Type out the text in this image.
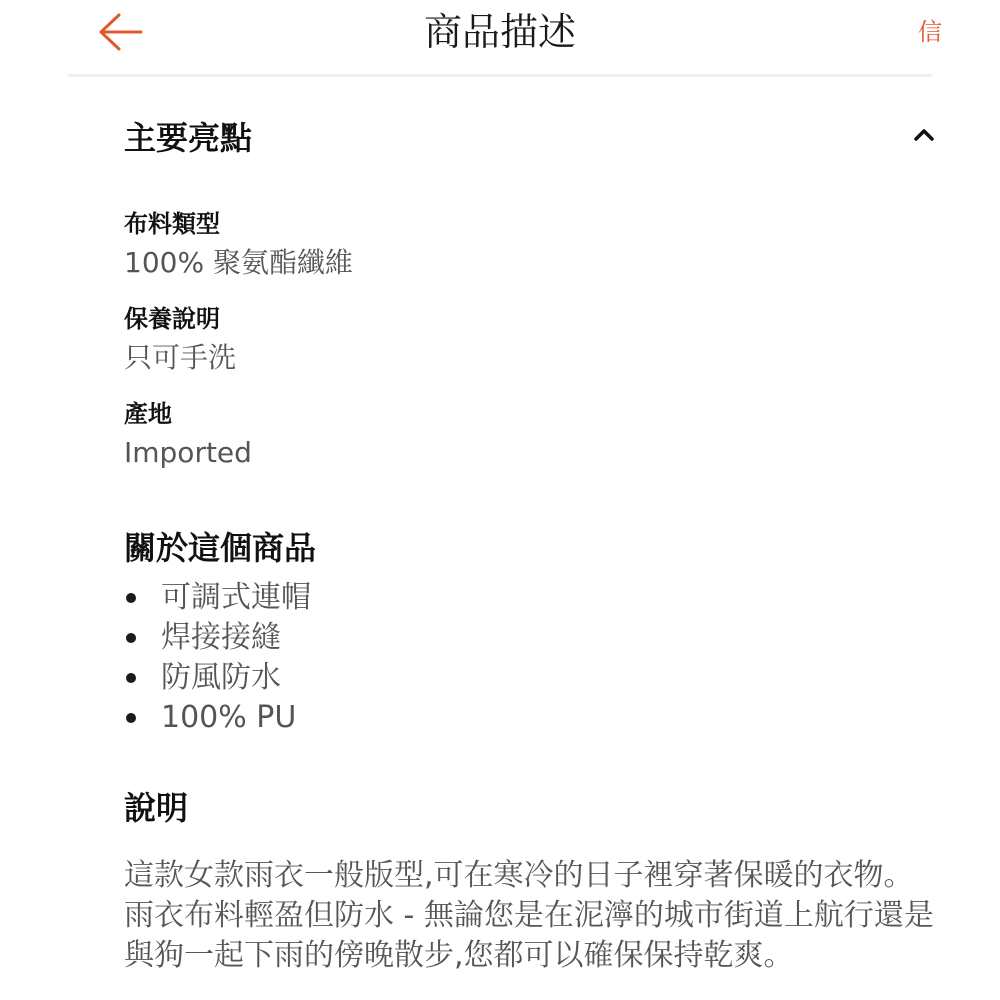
商品描述	信
主要亮點
布料類型
100% 聚氨酯纖維
保養說明
只可手洗
產地
Imported
關於這個商品
可調式連帽
焊接接縫
防風防水
100% PU
說明
這款女款雨衣一般版型,可在寒冷的日子裡穿著保暖的衣物。  雨衣布料輕盈但防水 - 無論您是在泥濘的城市街道上航行還是與狗一起下雨的傍晚散步,您都可以確保保持乾爽。
